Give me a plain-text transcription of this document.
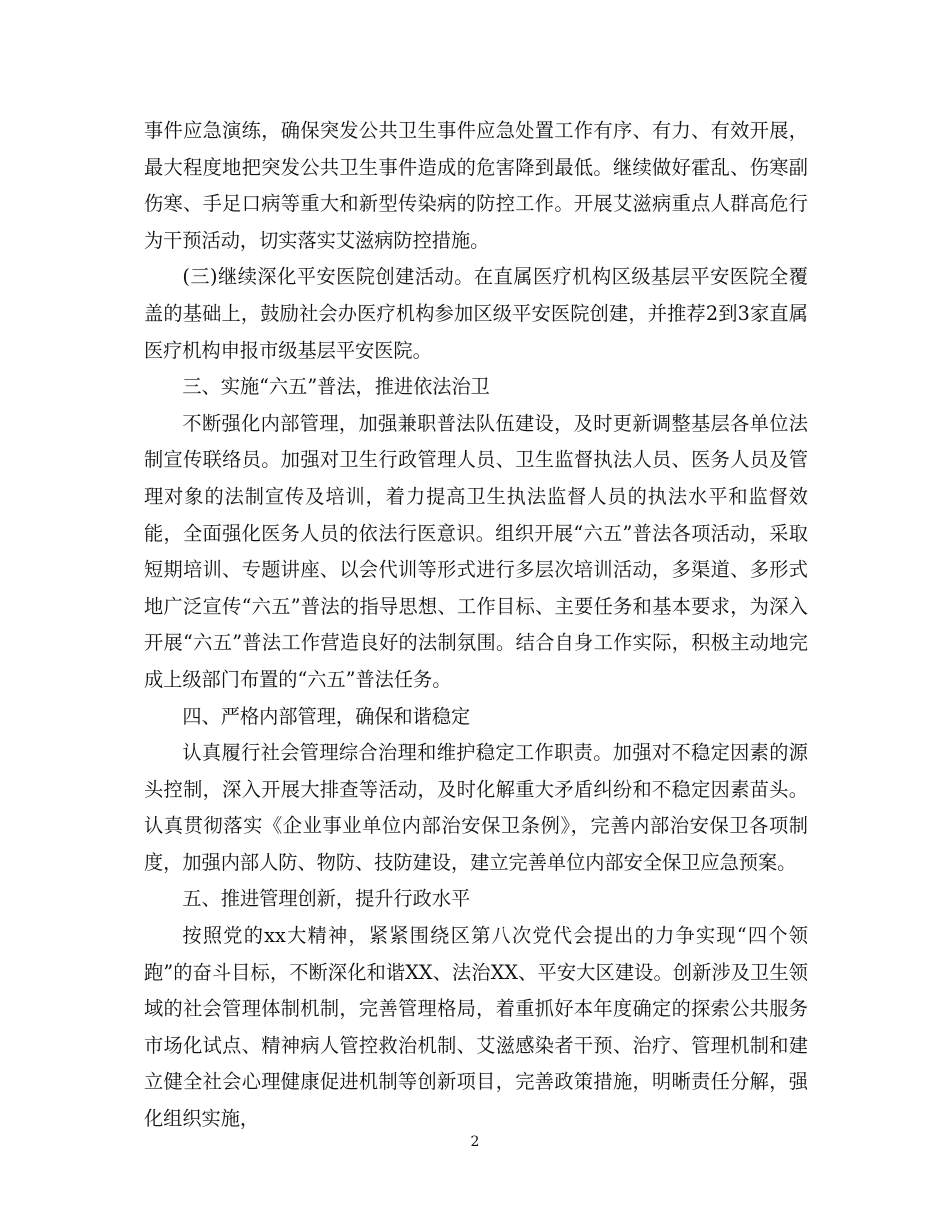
事件应急演练，确保突发公共卫生事件应急处置工作有序、有力、有效开展，最大程度地把突发公共卫生事件造成的危害降到最低。继续做好霍乱、伤寒副伤寒、手足口病等重大和新型传染病的防控工作。开展艾滋病重点人群高危行为干预活动，切实落实艾滋病防控措施。

(三)继续深化平安医院创建活动。在直属医疗机构区级基层平安医院全覆盖的基础上，鼓励社会办医疗机构参加区级平安医院创建，并推荐2到3家直属医疗机构申报市级基层平安医院。

三、实施“六五”普法，推进依法治卫

不断强化内部管理，加强兼职普法队伍建设，及时更新调整基层各单位法制宣传联络员。加强对卫生行政管理人员、卫生监督执法人员、医务人员及管理对象的法制宣传及培训，着力提高卫生执法监督人员的执法水平和监督效能，全面强化医务人员的依法行医意识。组织开展“六五”普法各项活动，采取短期培训、专题讲座、以会代训等形式进行多层次培训活动，多渠道、多形式地广泛宣传“六五”普法的指导思想、工作目标、主要任务和基本要求，为深入开展“六五”普法工作营造良好的法制氛围。结合自身工作实际，积极主动地完成上级部门布置的“六五”普法任务。

四、严格内部管理，确保和谐稳定

认真履行社会管理综合治理和维护稳定工作职责。加强对不稳定因素的源头控制，深入开展大排查等活动，及时化解重大矛盾纠纷和不稳定因素苗头。认真贯彻落实《企业事业单位内部治安保卫条例》，完善内部治安保卫各项制度，加强内部人防、物防、技防建设，建立完善单位内部安全保卫应急预案。

五、推进管理创新，提升行政水平

按照党的xx大精神，紧紧围绕区第八次党代会提出的力争实现“四个领跑”的奋斗目标，不断深化和谐XX、法治XX、平安大区建设。创新涉及卫生领域的社会管理体制机制，完善管理格局，着重抓好本年度确定的探索公共服务市场化试点、精神病人管控救治机制、艾滋感染者干预、治疗、管理机制和建立健全社会心理健康促进机制等创新项目，完善政策措施，明晰责任分解，强化组织实施，

2
